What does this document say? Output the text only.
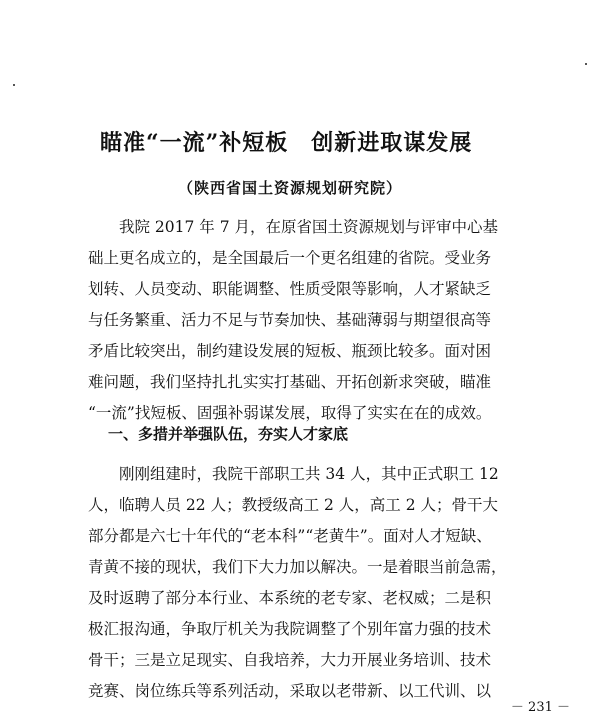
瞄准“一流”补短板　创新进取谋发展
（陕西省国土资源规划研究院）
　　我院 2017 年 7 月，在原省国土资源规划与评审中心基
础上更名成立的，是全国最后一个更名组建的省院。受业务
划转、人员变动、职能调整、性质受限等影响，人才紧缺乏
与任务繁重、活力不足与节奏加快、基础薄弱与期望很高等
矛盾比较突出，制约建设发展的短板、瓶颈比较多。面对困
难问题，我们坚持扎扎实实打基础、开拓创新求突破，瞄准
“一流”找短板、固强补弱谋发展，取得了实实在在的成效。
一、多措并举强队伍，夯实人才家底
　　刚刚组建时，我院干部职工共 34 人，其中正式职工 12
人，临聘人员 22 人；教授级高工 2 人，高工 2 人；骨干大
部分都是六七十年代的“老本科”“老黄牛”。面对人才短缺、
青黄不接的现状，我们下大力加以解决。一是着眼当前急需，
及时返聘了部分本行业、本系统的老专家、老权威；二是积
极汇报沟通，争取厅机关为我院调整了个别年富力强的技术
骨干；三是立足现实、自我培养，大力开展业务培训、技术
竞赛、岗位练兵等系列活动，采取以老带新、以工代训、以
－ 231 －
